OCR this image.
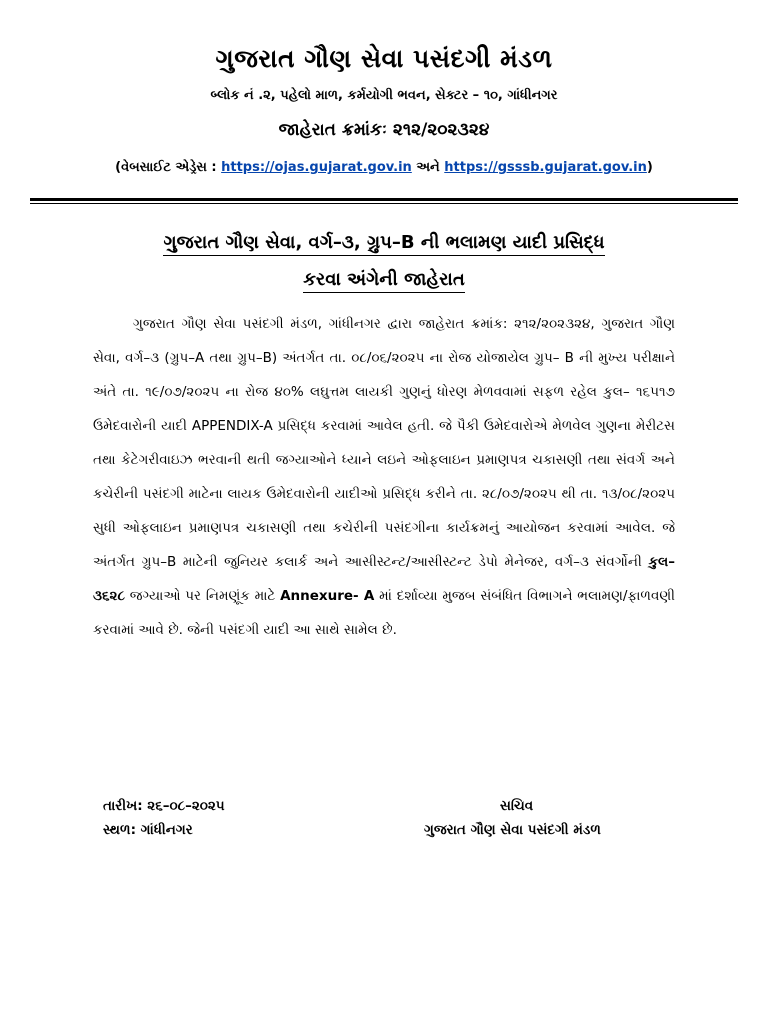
ગુજરાત ગૌણ સેવા પસંદગી મંડળ
બ્લોક નં .૨, પહેલો માળ, કર્મયોગી ભવન, સેક્ટર – ૧૦, ગાંધીનગર
જાહેરાત ક્રમાંકઃ ૨૧૨/૨૦૨૩૨૪
(વેબસાઈટ એડ્રેસ : https://ojas.gujarat.gov.in અને https://gsssb.gujarat.gov.in)
ગુજરાત ગૌણ સેવા, વર્ગ–૩, ગ્રુપ–B ની ભલામણ યાદી પ્રસિદ્ધ
કરવા અંગેની જાહેરાત
ગુજરાત ગૌણ સેવા પસંદગી મંડળ, ગાંધીનગર દ્વારા જાહેરાત ક્રમાંક: ૨૧૨/૨૦૨૩૨૪, ગુજરાત ગૌણ સેવા, વર્ગ–૩ (ગ્રુપ–A તથા ગ્રુપ–B) અંતર્ગત તા. ૦૮/૦૬/૨૦૨૫ ના રોજ યોજાયેલ ગ્રુપ– B ની મુખ્ય પરીક્ષાને અંતે તા. ૧૯/૦૭/૨૦૨૫ ના રોજ ૪૦% લઘુત્તમ લાયકી ગુણનું ધોરણ મેળવવામાં સફળ રહેલ કુલ– ૧૬૫૧૭ ઉમેદવારોની યાદી APPENDIX-A પ્રસિદ્ધ કરવામાં આવેલ હતી. જે પૈકી ઉમેદવારોએ મેળવેલ ગુણના મેરીટસ તથા કેટેગરીવાઇઝ ભરવાની થતી જગ્યાઓને ધ્યાને લઇને ઓફલાઇન પ્રમાણપત્ર ચકાસણી તથા સંવર્ગ અને કચેરીની પસંદગી માટેના લાયક ઉમેદવારોની યાદીઓ પ્રસિદ્ધ કરીને તા. ૨૮/૦૭/૨૦૨૫ થી તા. ૧૩/૦૮/૨૦૨૫ સુધી ઓફલાઇન પ્રમાણપત્ર ચકાસણી તથા કચેરીની પસંદગીના કાર્યક્રમનું આયોજન કરવામાં આવેલ. જે અંતર્ગત ગ્રુપ–B માટેની જુનિયર કલાર્ક અને આસીસ્ટન્ટ/આસીસ્ટન્ટ ડેપો મેનેજર, વર્ગ–૩ સંવર્ગોની કુલ–૩૬૨૮ જગ્યાઓ પર નિમણૂંક માટે Annexure- A માં દર્શાવ્યા મુજબ સંબંધિત વિભાગને ભલામણ/ફાળવણી કરવામાં આવે છે. જેની પસંદગી યાદી આ સાથે સામેલ છે.
તારીખ: ૨૬–૦૮–૨૦૨૫
સ્થળ: ગાંધીનગર
સચિવ
ગુજરાત ગૌણ સેવા પસંદગી મંડળ
